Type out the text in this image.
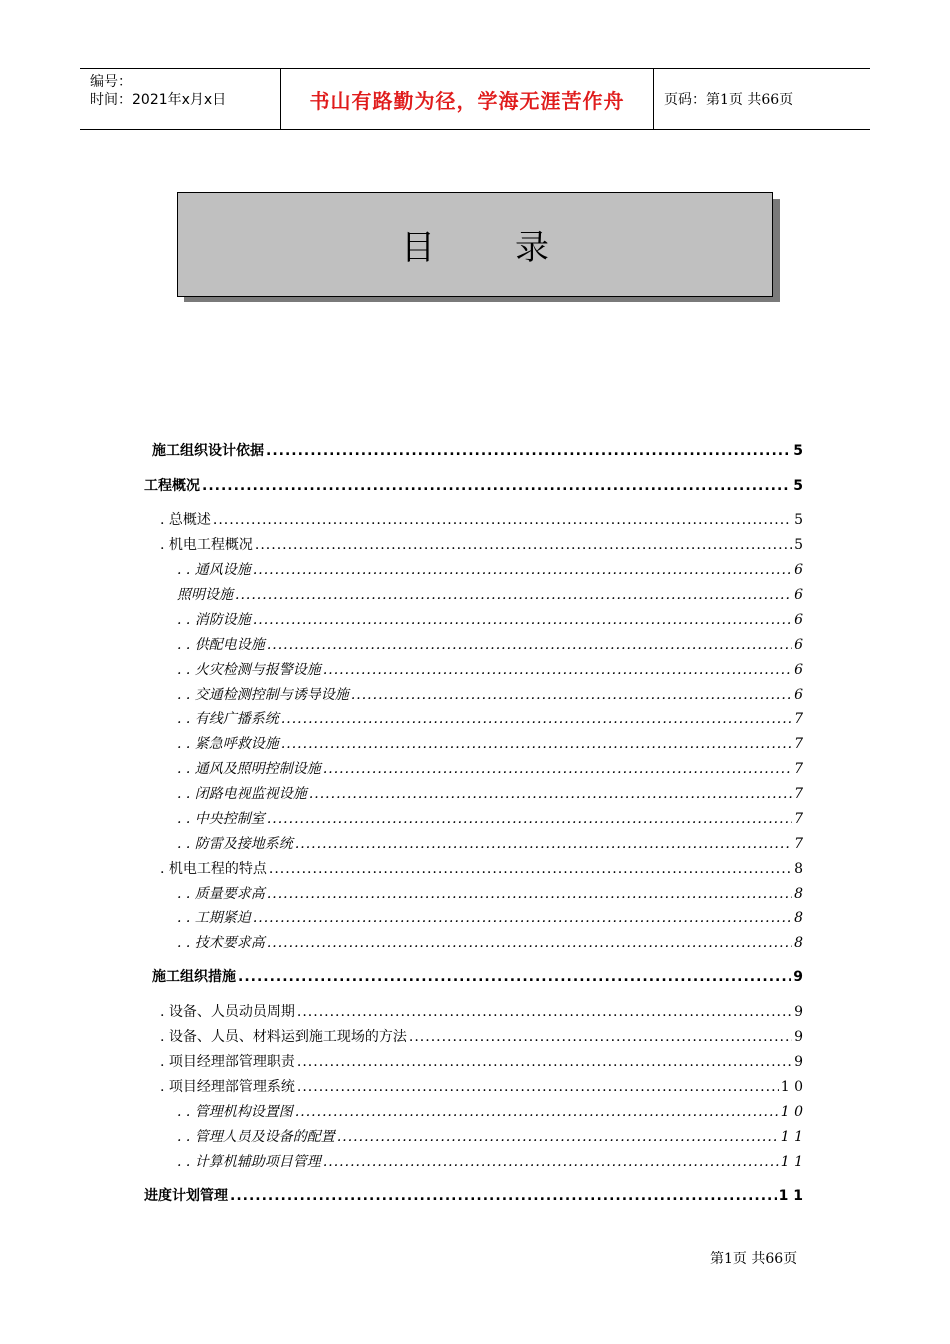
编号：
时间：2021年x月x日	书山有路勤为径，学海无涯苦作舟	页码：第1页 共66页
目录
施工组织设计依据 .....	5
工程概况 .....	5
. 总概述 .....	5
. 机电工程概况 .....	5
. . 通风设施 .....	6
照明设施 .....	6
. . 消防设施 .....	6
. . 供配电设施 .....	6
. . 火灾检测与报警设施 .....	6
. . 交通检测控制与诱导设施 .....	6
. . 有线广播系统 .....	7
. . 紧急呼救设施 .....	7
. . 通风及照明控制设施 .....	7
. . 闭路电视监视设施 .....	7
. . 中央控制室 .....	7
. . 防雷及接地系统 .....	7
. 机电工程的特点 .....	8
. . 质量要求高 .....	8
. . 工期紧迫 .....	8
. . 技术要求高 .....	8
施工组织措施 .....	9
. 设备、人员动员周期 .....	9
. 设备、人员、材料运到施工现场的方法 .....	9
. 项目经理部管理职责 .....	9
. 项目经理部管理系统 .....	1 0
. . 管理机构设置图 .....	1 0
. . 管理人员及设备的配置 .....	1 1
. . 计算机辅助项目管理 .....	1 1
进度计划管理 .....	1 1
第1页 共66页
